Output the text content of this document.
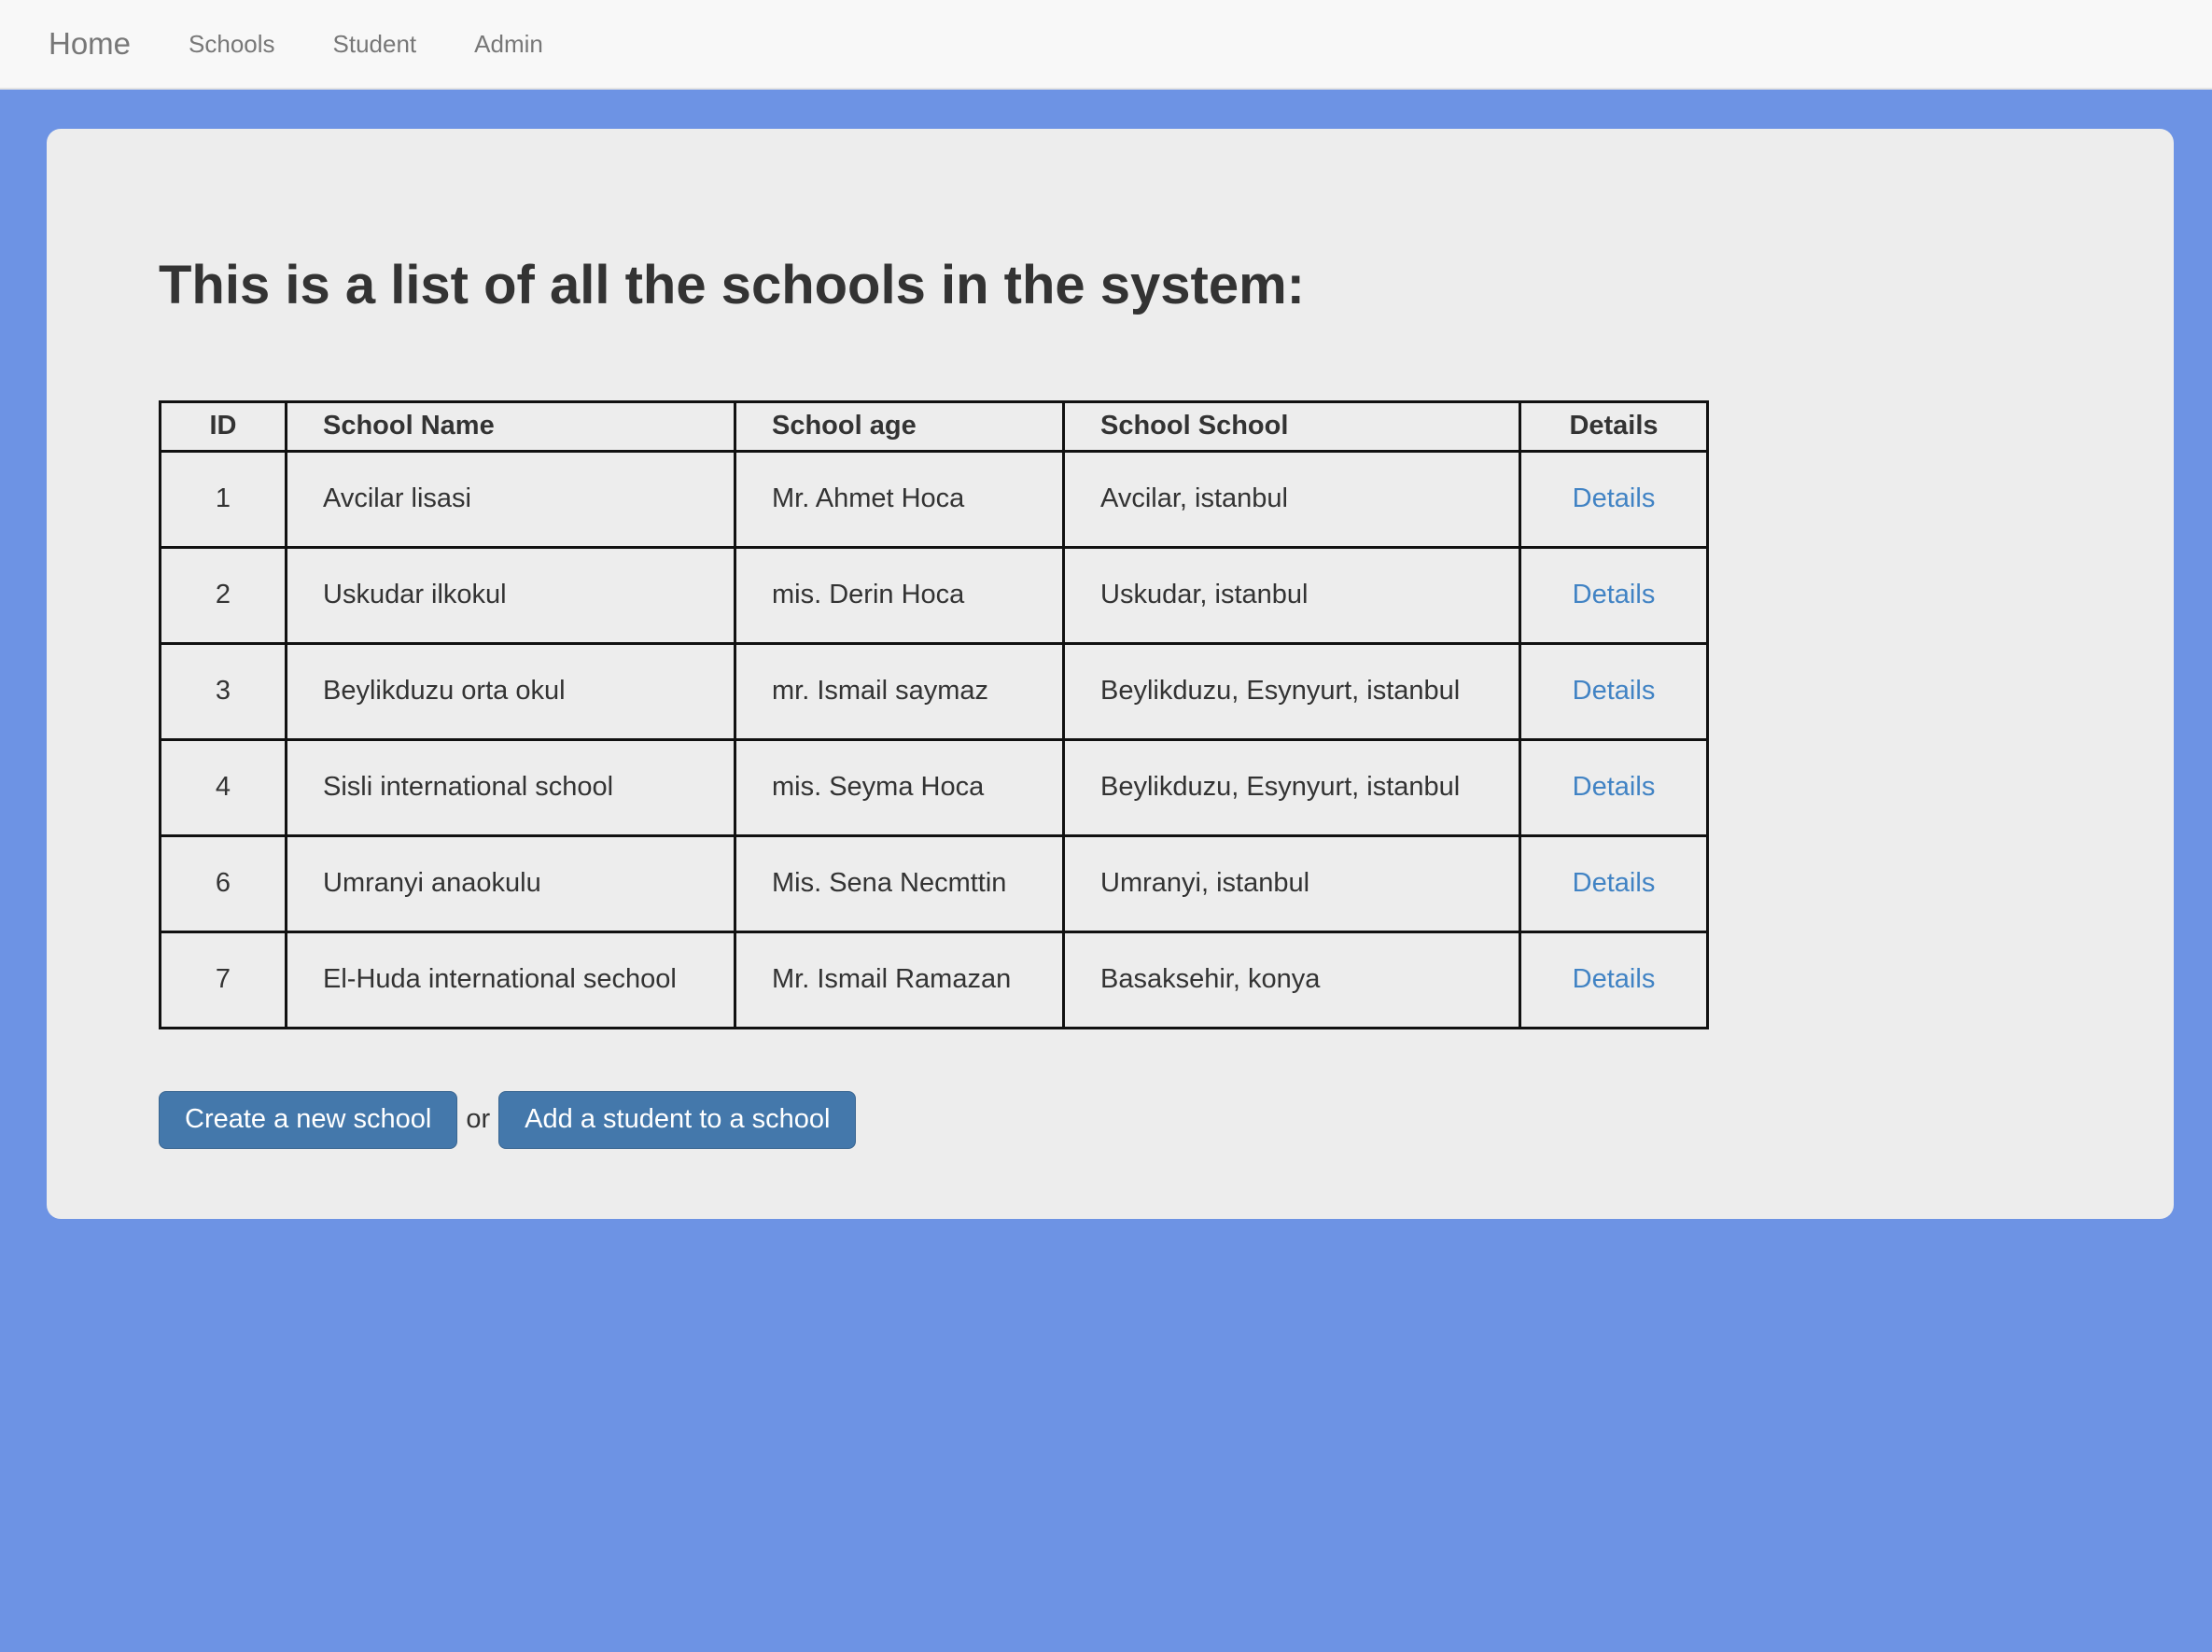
Home Schools Student Admin
This is a list of all the schools in the system:
ID	School Name	School age	School School	Details
1	Avcilar lisasi	Mr. Ahmet Hoca	Avcilar, istanbul	Details
2	Uskudar ilkokul	mis. Derin Hoca	Uskudar, istanbul	Details
3	Beylikduzu orta okul	mr. Ismail saymaz	Beylikduzu, Esynyurt, istanbul	Details
4	Sisli international school	mis. Seyma Hoca	Beylikduzu, Esynyurt, istanbul	Details
6	Umranyi anaokulu	Mis. Sena Necmttin	Umranyi, istanbul	Details
7	El-Huda international sechool	Mr. Ismail Ramazan	Basaksehir, konya	Details
Create a new school	or	Add a student to a school
